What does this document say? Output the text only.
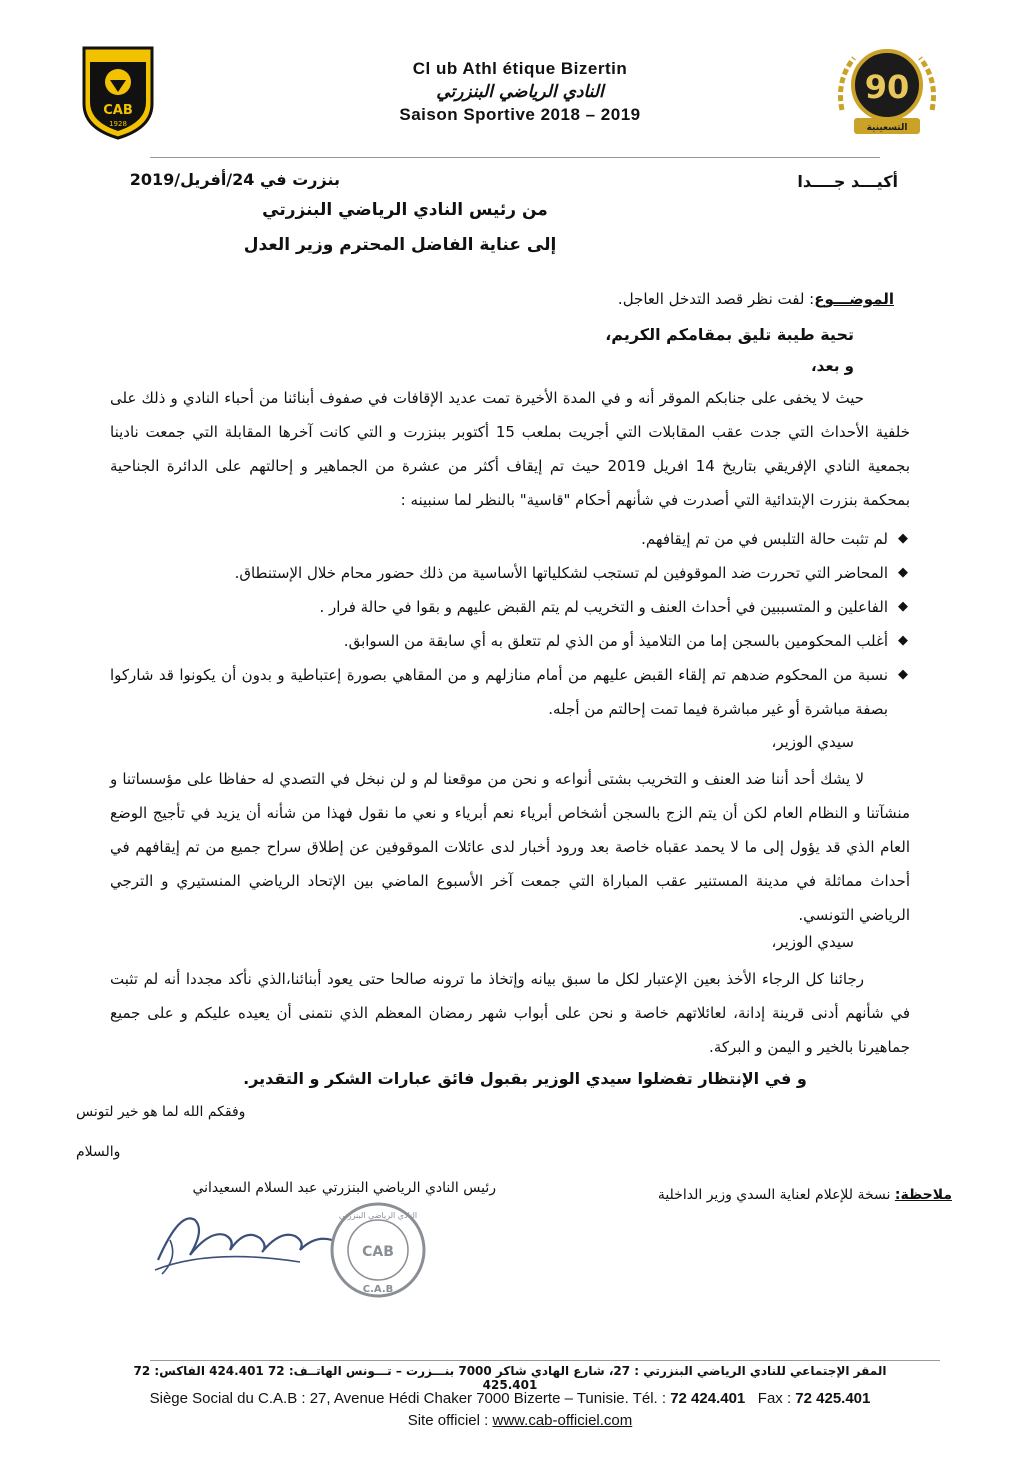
CAB
1928
90
التسعينية
Cl ub Athl étique Bizertin
النادي الرياضي البنزرتي
Saison Sportive 2018 – 2019
بنزرت في 24/أفريل/2019	أكيـــد جــــدا
من رئيس النادي الرياضي البنزرتي
إلى عناية الفاضل المحترم وزير العدل
الموضـــوع: لفت نظر قصد التدخل العاجل.
تحية طيبة تليق بمقامكم الكريم،
و بعد،
حيث لا يخفى على جنابكم الموقر أنه و في المدة الأخيرة تمت عديد الإقافات في صفوف أبنائنا من أحباء النادي و ذلك على خلفية الأحداث التي جدت عقب المقابلات التي أجريت بملعب 15 أكتوبر ببنزرت و التي كانت آخرها المقابلة التي جمعت نادينا بجمعية النادي الإفريقي بتاريخ 14 افريل 2019 حيث تم إيقاف أكثر من عشرة من الجماهير و إحالتهم على الدائرة الجناحية بمحكمة بنزرت الإبتدائية التي أصدرت في شأنهم أحكام "قاسية" بالنظر لما سنبينه :
◆
لم تثبت حالة التلبس في من تم إيقافهم.
◆
المحاضر التي تحررت ضد الموقوفين لم تستجب لشكلياتها الأساسية من ذلك حضور محام خلال الإستنطاق.
◆
الفاعلين و المتسببين في أحداث العنف و التخريب لم يتم القبض عليهم و بقوا في حالة فرار .
◆
أغلب المحكومين بالسجن إما من التلاميذ أو من الذي لم تتعلق به أي سابقة من السوابق.
◆
نسبة من المحكوم ضدهم تم إلقاء القبض عليهم من أمام منازلهم و من المقاهي بصورة إعتباطية و بدون أن يكونوا قد شاركوا بصفة مباشرة أو غير مباشرة فيما تمت إحالتم من أجله.
سيدي الوزير،
لا يشك أحد أننا ضد العنف و التخريب بشتى أنواعه و نحن من موقعنا لم و لن نبخل في التصدي له حفاظا على مؤسساتنا و منشآتنا و النظام العام لكن أن يتم الزج بالسجن أشخاص أبرياء نعم أبرياء و نعي ما نقول فهذا من شأنه أن يزيد في تأجيج الوضع العام الذي قد يؤول إلى ما لا يحمد عقباه خاصة بعد ورود أخبار لدى عائلات الموقوفين عن إطلاق سراح جميع من تم إيقافهم في أحداث مماثلة في مدينة المستنير عقب المباراة التي جمعت آخر الأسبوع الماضي بين الإتحاد الرياضي المنستيري و الترجي الرياضي التونسي.
سيدي الوزير،
رجائنا كل الرجاء الأخذ بعين الإعتبار لكل ما سبق بيانه وإتخاذ ما ترونه صالحا حتى يعود أبنائنا،الذي نأكد مجددا أنه لم تثبت في شأنهم أدنى قرينة إدانة، لعائلاتهم خاصة و نحن على أبواب شهر رمضان المعظم الذي نتمنى أن يعيده عليكم و على جميع جماهيرنا بالخير و اليمن و البركة.
و في الإنتظار تفضلوا سيدي الوزير بقبول فائق عبارات الشكر و التقدير.
وفقكم الله لما هو خير لتونس
والسلام
رئيس النادي الرياضي البنزرتي عبد السلام السعيداني	ملاحظة: نسخة للإعلام لعناية السدي وزير الداخلية
النادي الرياضي البنزرتي
CAB
C.A.B
المقر الإجتماعي للنادي الرياضي البنزرتي : 27، شارع الهادي شاكر 7000 بنـــزرت – تـــونس الهاتــف: 72 424.401 الفاكس: 72 425.401
Siège Social du C.A.B : 27, Avenue Hédi Chaker 7000 Bizerte – Tunisie. Tél. : 72 424.401   Fax : 72 425.401
Site officiel : www.cab-officiel.com
